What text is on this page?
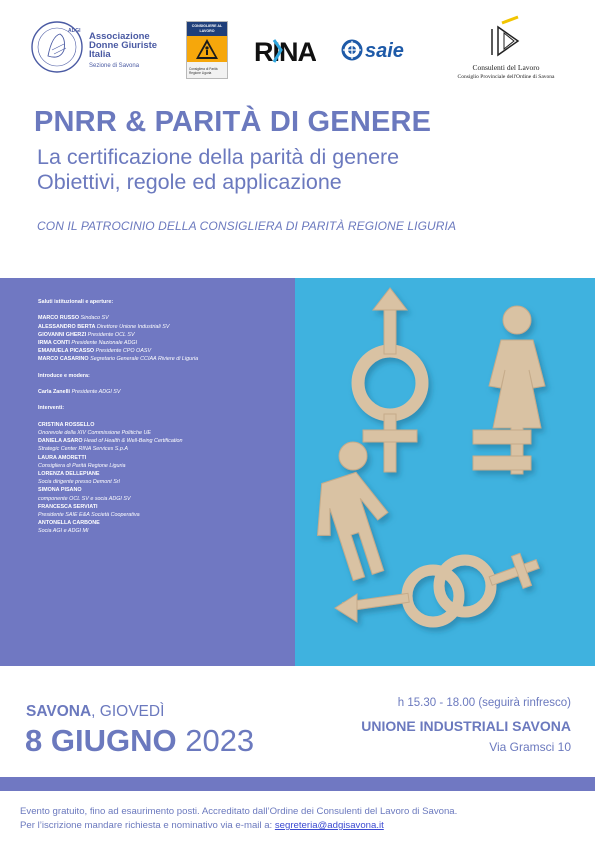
ADGI Associazione
Donne Giuriste
Italia
Sezione di Savona
CONSIGLIERE AL LAVORO
Consigliera di Parità Regione Liguria
RINA saie
Consulenti del Lavoro
Consiglio Provinciale dell'Ordine di Savona
PNRR & PARITÀ DI GENERE
La certificazione della parità di genere
Obiettivi, regole ed applicazione
CON IL PATROCINIO DELLA CONSIGLIERA DI PARITÀ REGIONE LIGURIA
Saluti istituzionali e aperture:
MARCO RUSSO Sindaco SV
ALESSANDRO BERTA Direttore Unione Industriali SV
GIOVANNI GHERZI Presidente OCL SV
IRMA CONTI Presidente Nazionale ADGI
EMANUELA PICASSO Presidente CPO OASV
MARCO CASARINO Segretario Generale CCIAA Riviere di Liguria
Introduce e modera:
Carla Zanelli Presidente ADGI SV
Interventi:
CRISTINA ROSSELLO
Onorevole della XIV Commissione Politiche UE
DANIELA ASARO Head of Health & Well-Being Certification
Strategic Center RINA Services S.p.A
LAURA AMORETTI
Consigliera di Parità Regione Liguria
LORENZA DELLEPIANE
Socia dirigente presso Demont Srl
SIMONA PISANO
componente OCL SV e socia ADGI SV
FRANCESCA SERVIATI
Presidente SAIE E&A Società Cooperativa
ANTONELLA CARBONE
Socia AGI e ADGI MI
SAVONA, GIOVEDÌ
8 GIUGNO 2023
h 15.30 - 18.00 (seguirà rinfresco)
UNIONE INDUSTRIALI SAVONA
Via Gramsci 10
Evento gratuito, fino ad esaurimento posti. Accreditato dall’Ordine dei Consulenti del Lavoro di Savona.
Per l’iscrizione mandare richiesta e nominativo via e-mail a: segreteria@adgisavona.it
